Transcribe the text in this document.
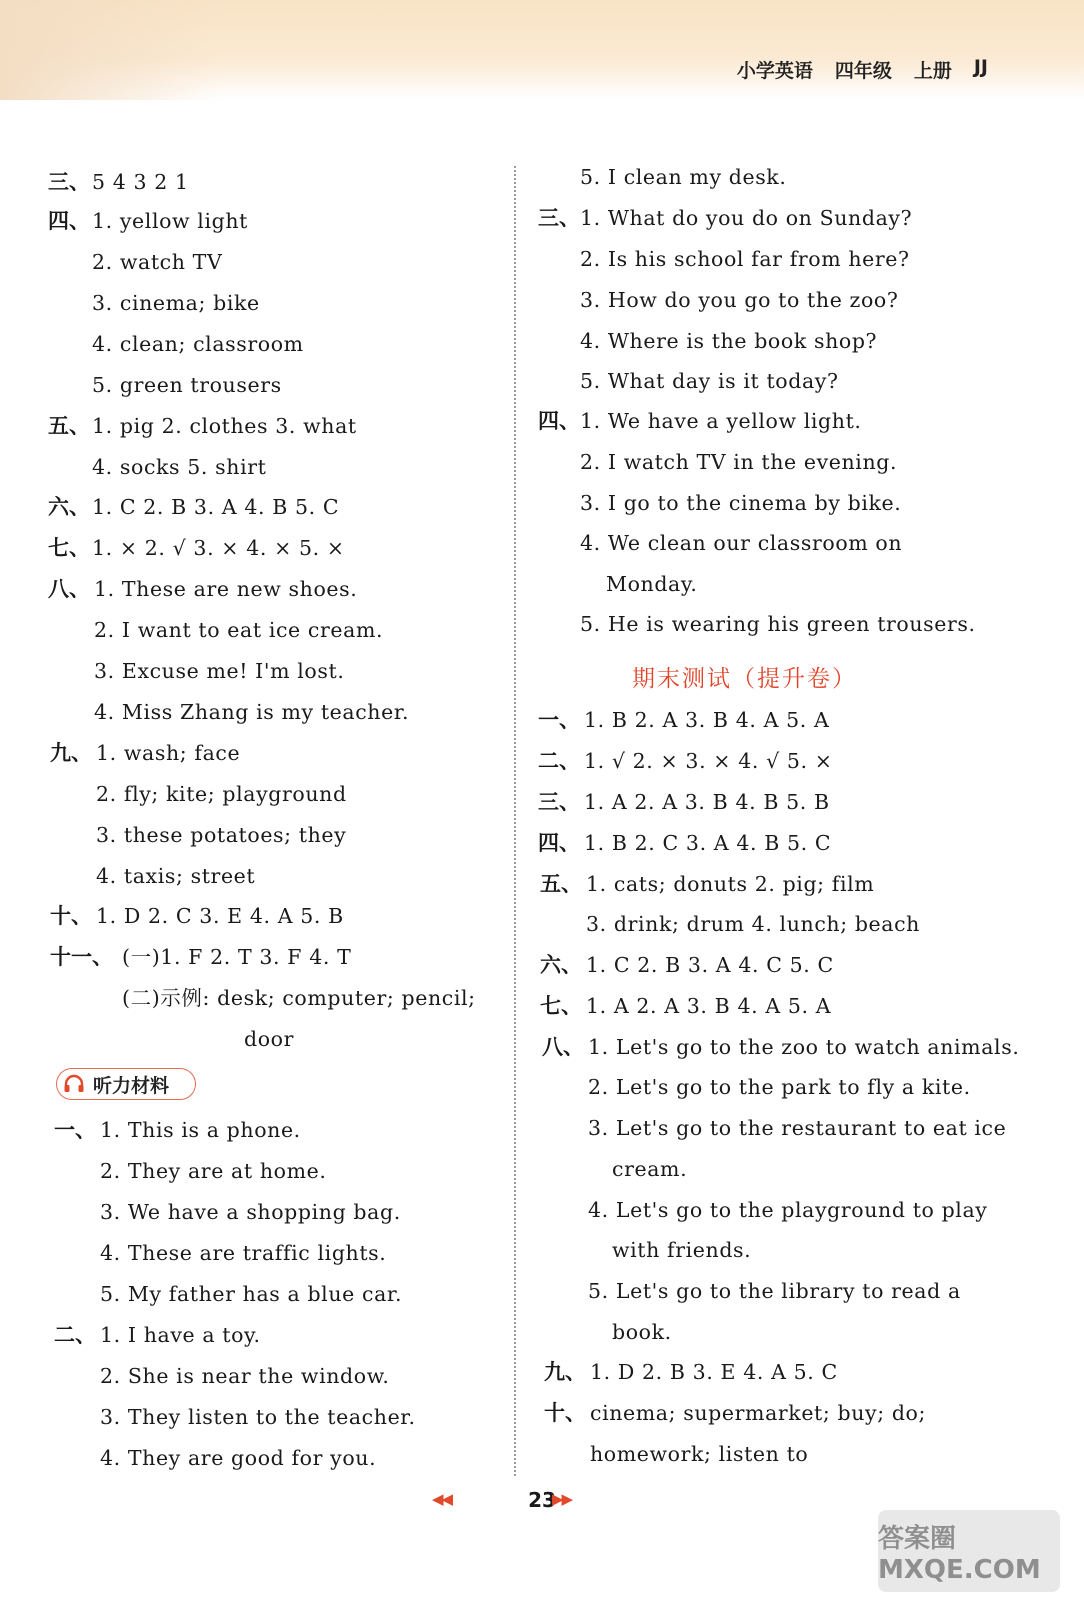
小学英语 四年级 上册 JJ
三、 5 4 3 2 1
四、 1. yellow light
2. watch TV
3. cinema; bike
4. clean; classroom
5. green trousers
五、 1. pig 2. clothes 3. what
4. socks 5. shirt
六、 1. C 2. B 3. A 4. B 5. C
七、 1. × 2. √ 3. × 4. × 5. ×
八、 1. These are new shoes.
2. I want to eat ice cream.
3. Excuse me! I'm lost.
4. Miss Zhang is my teacher.
九、 1. wash; face
2. fly; kite; playground
3. these potatoes; they
4. taxis; street
十、 1. D 2. C 3. E 4. A 5. B
十一、 (一)1. F 2. T 3. F 4. T
(二)示例: desk; computer; pencil;
door
听力材料
一、 1. This is a phone.
2. They are at home.
3. We have a shopping bag.
4. These are traffic lights.
5. My father has a blue car.
二、 1. I have a toy.
2. She is near the window.
3. They listen to the teacher.
4. They are good for you.
5. I clean my desk.
三、 1. What do you do on Sunday?
2. Is his school far from here?
3. How do you go to the zoo?
4. Where is the book shop?
5. What day is it today?
四、 1. We have a yellow light.
2. I watch TV in the evening.
3. I go to the cinema by bike.
4. We clean our classroom on
Monday.
5. He is wearing his green trousers.
期末测试（提升卷）
一、 1. B 2. A 3. B 4. A 5. A
二、 1. √ 2. × 3. × 4. √ 5. ×
三、 1. A 2. A 3. B 4. B 5. B
四、 1. B 2. C 3. A 4. B 5. C
五、 1. cats; donuts 2. pig; film
3. drink; drum 4. lunch; beach
六、 1. C 2. B 3. A 4. C 5. C
七、 1. A 2. A 3. B 4. A 5. A
八、 1. Let's go to the zoo to watch animals.
2. Let's go to the park to fly a kite.
3. Let's go to the restaurant to eat ice
cream.
4. Let's go to the playground to play
with friends.
5. Let's go to the library to read a
book.
九、 1. D 2. B 3. E 4. A 5. C
十、 cinema; supermarket; buy; do;
homework; listen to
◀◀	23
▶▶
答案圈 MXQE.COM
